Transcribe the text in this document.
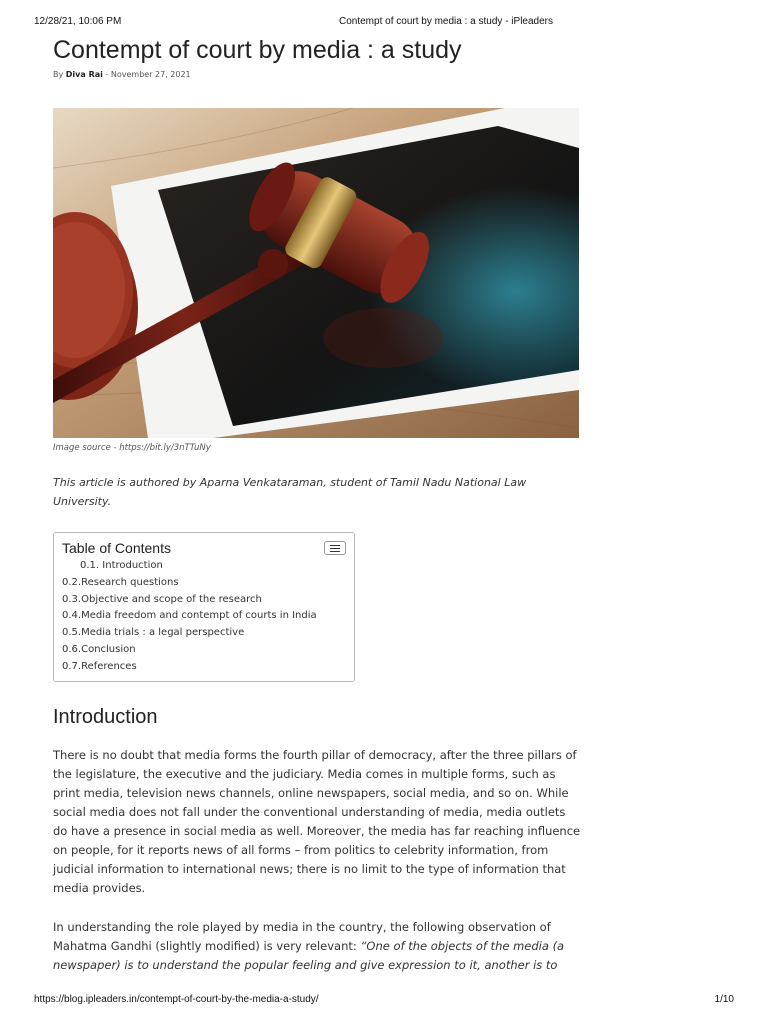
12/28/21, 10:06 PM	Contempt of court by media : a study - iPleaders
Contempt of court by media : a study
By Diva Rai - November 27, 2021
Image source - https://bit.ly/3nTTuNy

This article is authored by Aparna Venkataraman, student of Tamil Nadu National Law University.

Table of Contents
0.1. Introduction
0.2.Research questions
0.3.Objective and scope of the research
0.4.Media freedom and contempt of courts in India
0.5.Media trials : a legal perspective
0.6.Conclusion
0.7.References
Introduction

There is no doubt that media forms the fourth pillar of democracy, after the three pillars of the legislature, the executive and the judiciary. Media comes in multiple forms, such as print media, television news channels, online newspapers, social media, and so on. While social media does not fall under the conventional understanding of media, media outlets do have a presence in social media as well. Moreover, the media has far reaching influence on people, for it reports news of all forms – from politics to celebrity information, from judicial information to international news; there is no limit to the type of information that media provides.

In understanding the role played by media in the country, the following observation of Mahatma Gandhi (slightly modified) is very relevant: “One of the objects of the media (a newspaper) is to understand the popular feeling and give expression to it, another is to

https://blog.ipleaders.in/contempt-of-court-by-the-media-a-study/	1/10
